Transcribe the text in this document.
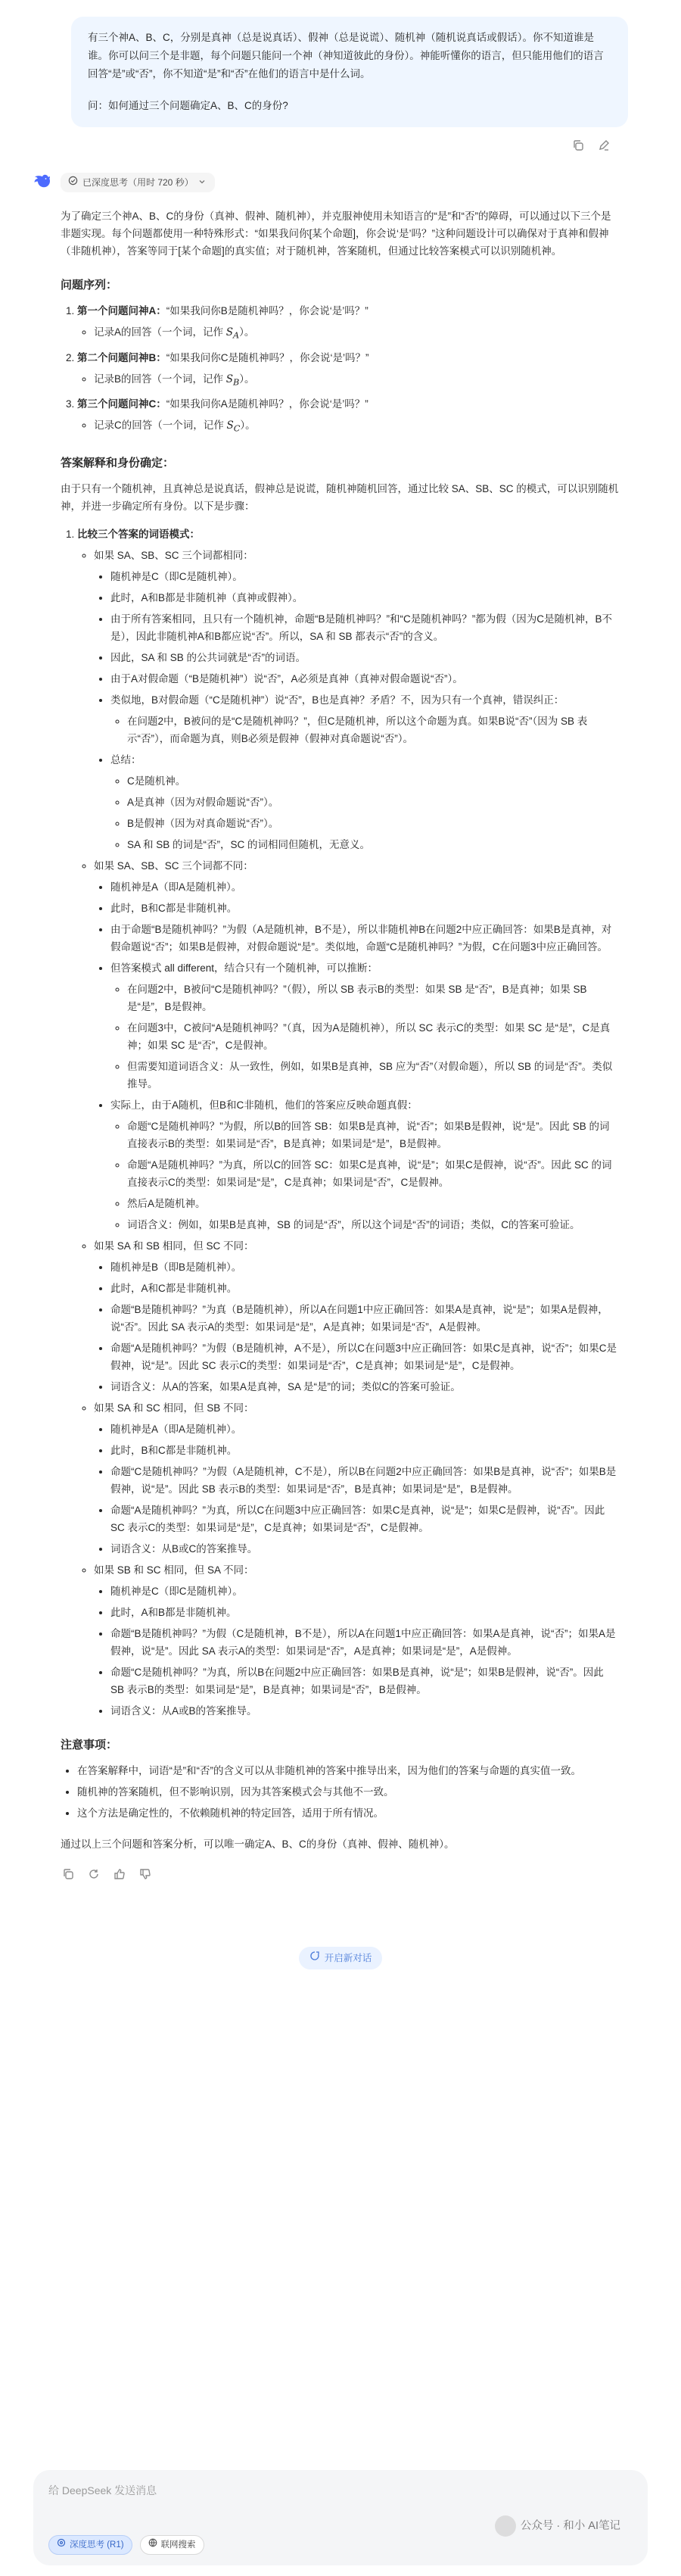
有三个神A、B、C，分别是真神（总是说真话）、假神（总是说谎）、随机神（随机说真话或假话）。你不知道谁是谁。你可以问三个是非题，每个问题只能问一个神（神知道彼此的身份）。神能听懂你的语言，但只能用他们的语言回答“是”或“否”，你不知道“是”和“否”在他们的语言中是什么词。

问：如何通过三个问题确定A、B、C的身份?

已深度思考（用时 720 秒）

为了确定三个神A、B、C的身份（真神、假神、随机神），并克服神使用未知语言的“是”和“否”的障碍，可以通过以下三个是非题实现。每个问题都使用一种特殊形式：“如果我问你[某个命题]，你会说‘是’吗？”这种问题设计可以确保对于真神和假神（非随机神），答案等同于[某个命题]的真实值；对于随机神，答案随机，但通过比较答案模式可以识别随机神。

问题序列：
1. 第一个问题问神A：“如果我问你B是随机神吗？，你会说‘是’吗？”
◦ 记录A的回答（一个词，记作 $S_A$）。
2. 第二个问题问神B：“如果我问你C是随机神吗？，你会说‘是’吗？”
◦ 记录B的回答（一个词，记作 $S_B$）。
3. 第三个问题问神C：“如果我问你A是随机神吗？，你会说‘是’吗？”
◦ 记录C的回答（一个词，记作 $S_C$）。
答案解释和身份确定：

由于只有一个随机神，且真神总是说真话，假神总是说谎，随机神随机回答，通过比较 SA、SB、SC 的模式，可以识别随机神，并进一步确定所有身份。以下是步骤：

1. 比较三个答案的词语模式：
◦ 如果 SA、SB、SC 三个词都相同：
• 随机神是C（即C是随机神）。
• 此时，A和B都是非随机神（真神或假神）。
• 由于所有答案相同，且只有一个随机神，命题“B是随机神吗？”和“C是随机神吗？”都为假（因为C是随机神，B不是），因此非随机神A和B都应说“否”。所以，SA 和 SB 都表示“否”的含义。
• 因此，SA 和 SB 的公共词就是“否”的词语。
• 由于A对假命题（“B是随机神”）说“否”，A必须是真神（真神对假命题说“否”）。
• 类似地，B对假命题（“C是随机神”）说“否”，B也是真神？矛盾？不，因为只有一个真神，错误纠正：
◦ 在问题2中，B被问的是“C是随机神吗？”，但C是随机神，所以这个命题为真。如果B说“否”（因为 SB 表示“否”），而命题为真，则B必须是假神（假神对真命题说“否”）。
• 总结：
◦ C是随机神。
◦ A是真神（因为对假命题说“否”）。
◦ B是假神（因为对真命题说“否”）。
◦ SA 和 SB 的词是“否”，SC 的词相同但随机，无意义。
◦ 如果 SA、SB、SC 三个词都不同：
• 随机神是A（即A是随机神）。
• 此时，B和C都是非随机神。
• 由于命题“B是随机神吗？”为假（A是随机神，B不是），所以非随机神B在问题2中应正确回答：如果B是真神，对假命题说“否”；如果B是假神，对假命题说“是”。类似地，命题“C是随机神吗？”为假，C在问题3中应正确回答。
• 但答案模式 all different，结合只有一个随机神，可以推断：
◦ 在问题2中，B被问“C是随机神吗？”（假），所以 SB 表示B的类型：如果 SB 是“否”，B是真神；如果 SB 是“是”，B是假神。
◦ 在问题3中，C被问“A是随机神吗？”（真，因为A是随机神），所以 SC 表示C的类型：如果 SC 是“是”，C是真神；如果 SC 是“否”，C是假神。
◦ 但需要知道词语含义：从一致性，例如，如果B是真神，SB 应为“否”（对假命题），所以 SB 的词是“否”。类似推导。
• 实际上，由于A随机，但B和C非随机，他们的答案应反映命题真假：
◦ 命题“C是随机神吗？”为假，所以B的回答 SB：如果B是真神，说“否”；如果B是假神，说“是”。因此 SB 的词直接表示B的类型：如果词是“否”，B是真神；如果词是“是”，B是假神。
◦ 命题“A是随机神吗？”为真，所以C的回答 SC：如果C是真神，说“是”；如果C是假神，说“否”。因此 SC 的词直接表示C的类型：如果词是“是”，C是真神；如果词是“否”，C是假神。
◦ 然后A是随机神。
◦ 词语含义：例如，如果B是真神，SB 的词是“否”，所以这个词是“否”的词语；类似，C的答案可验证。
◦ 如果 SA 和 SB 相同，但 SC 不同：
• 随机神是B（即B是随机神）。
• 此时，A和C都是非随机神。
• 命题“B是随机神吗？”为真（B是随机神），所以A在问题1中应正确回答：如果A是真神，说“是”；如果A是假神，说“否”。因此 SA 表示A的类型：如果词是“是”，A是真神；如果词是“否”，A是假神。
• 命题“A是随机神吗？”为假（B是随机神，A不是），所以C在问题3中应正确回答：如果C是真神，说“否”；如果C是假神，说“是”。因此 SC 表示C的类型：如果词是“否”，C是真神；如果词是“是”，C是假神。
• 词语含义：从A的答案，如果A是真神，SA 是“是”的词；类似C的答案可验证。
◦ 如果 SA 和 SC 相同，但 SB 不同：
• 随机神是A（即A是随机神）。
• 此时，B和C都是非随机神。
• 命题“C是随机神吗？”为假（A是随机神，C不是），所以B在问题2中应正确回答：如果B是真神，说“否”；如果B是假神，说“是”。因此 SB 表示B的类型：如果词是“否”，B是真神；如果词是“是”，B是假神。
• 命题“A是随机神吗？”为真，所以C在问题3中应正确回答：如果C是真神，说“是”；如果C是假神，说“否”。因此 SC 表示C的类型：如果词是“是”，C是真神；如果词是“否”，C是假神。
• 词语含义：从B或C的答案推导。
◦ 如果 SB 和 SC 相同，但 SA 不同：
• 随机神是C（即C是随机神）。
• 此时，A和B都是非随机神。
• 命题“B是随机神吗？”为假（C是随机神，B不是），所以A在问题1中应正确回答：如果A是真神，说“否”；如果A是假神，说“是”。因此 SA 表示A的类型：如果词是“否”，A是真神；如果词是“是”，A是假神。
• 命题“C是随机神吗？”为真，所以B在问题2中应正确回答：如果B是真神，说“是”；如果B是假神，说“否”。因此 SB 表示B的类型：如果词是“是”，B是真神；如果词是“否”，B是假神。
• 词语含义：从A或B的答案推导。
注意事项：
• 在答案解释中，词语“是”和“否”的含义可以从非随机神的答案中推导出来，因为他们的答案与命题的真实值一致。
• 随机神的答案随机，但不影响识别，因为其答案模式会与其他不一致。
• 这个方法是确定性的，不依赖随机神的特定回答，适用于所有情况。

通过以上三个问题和答案分析，可以唯一确定A、B、C的身份（真神、假神、随机神）。

开启新对话
给 DeepSeek 发送消息
深度思考 (R1)	联网搜索
公众号 · 和小 AI笔记
